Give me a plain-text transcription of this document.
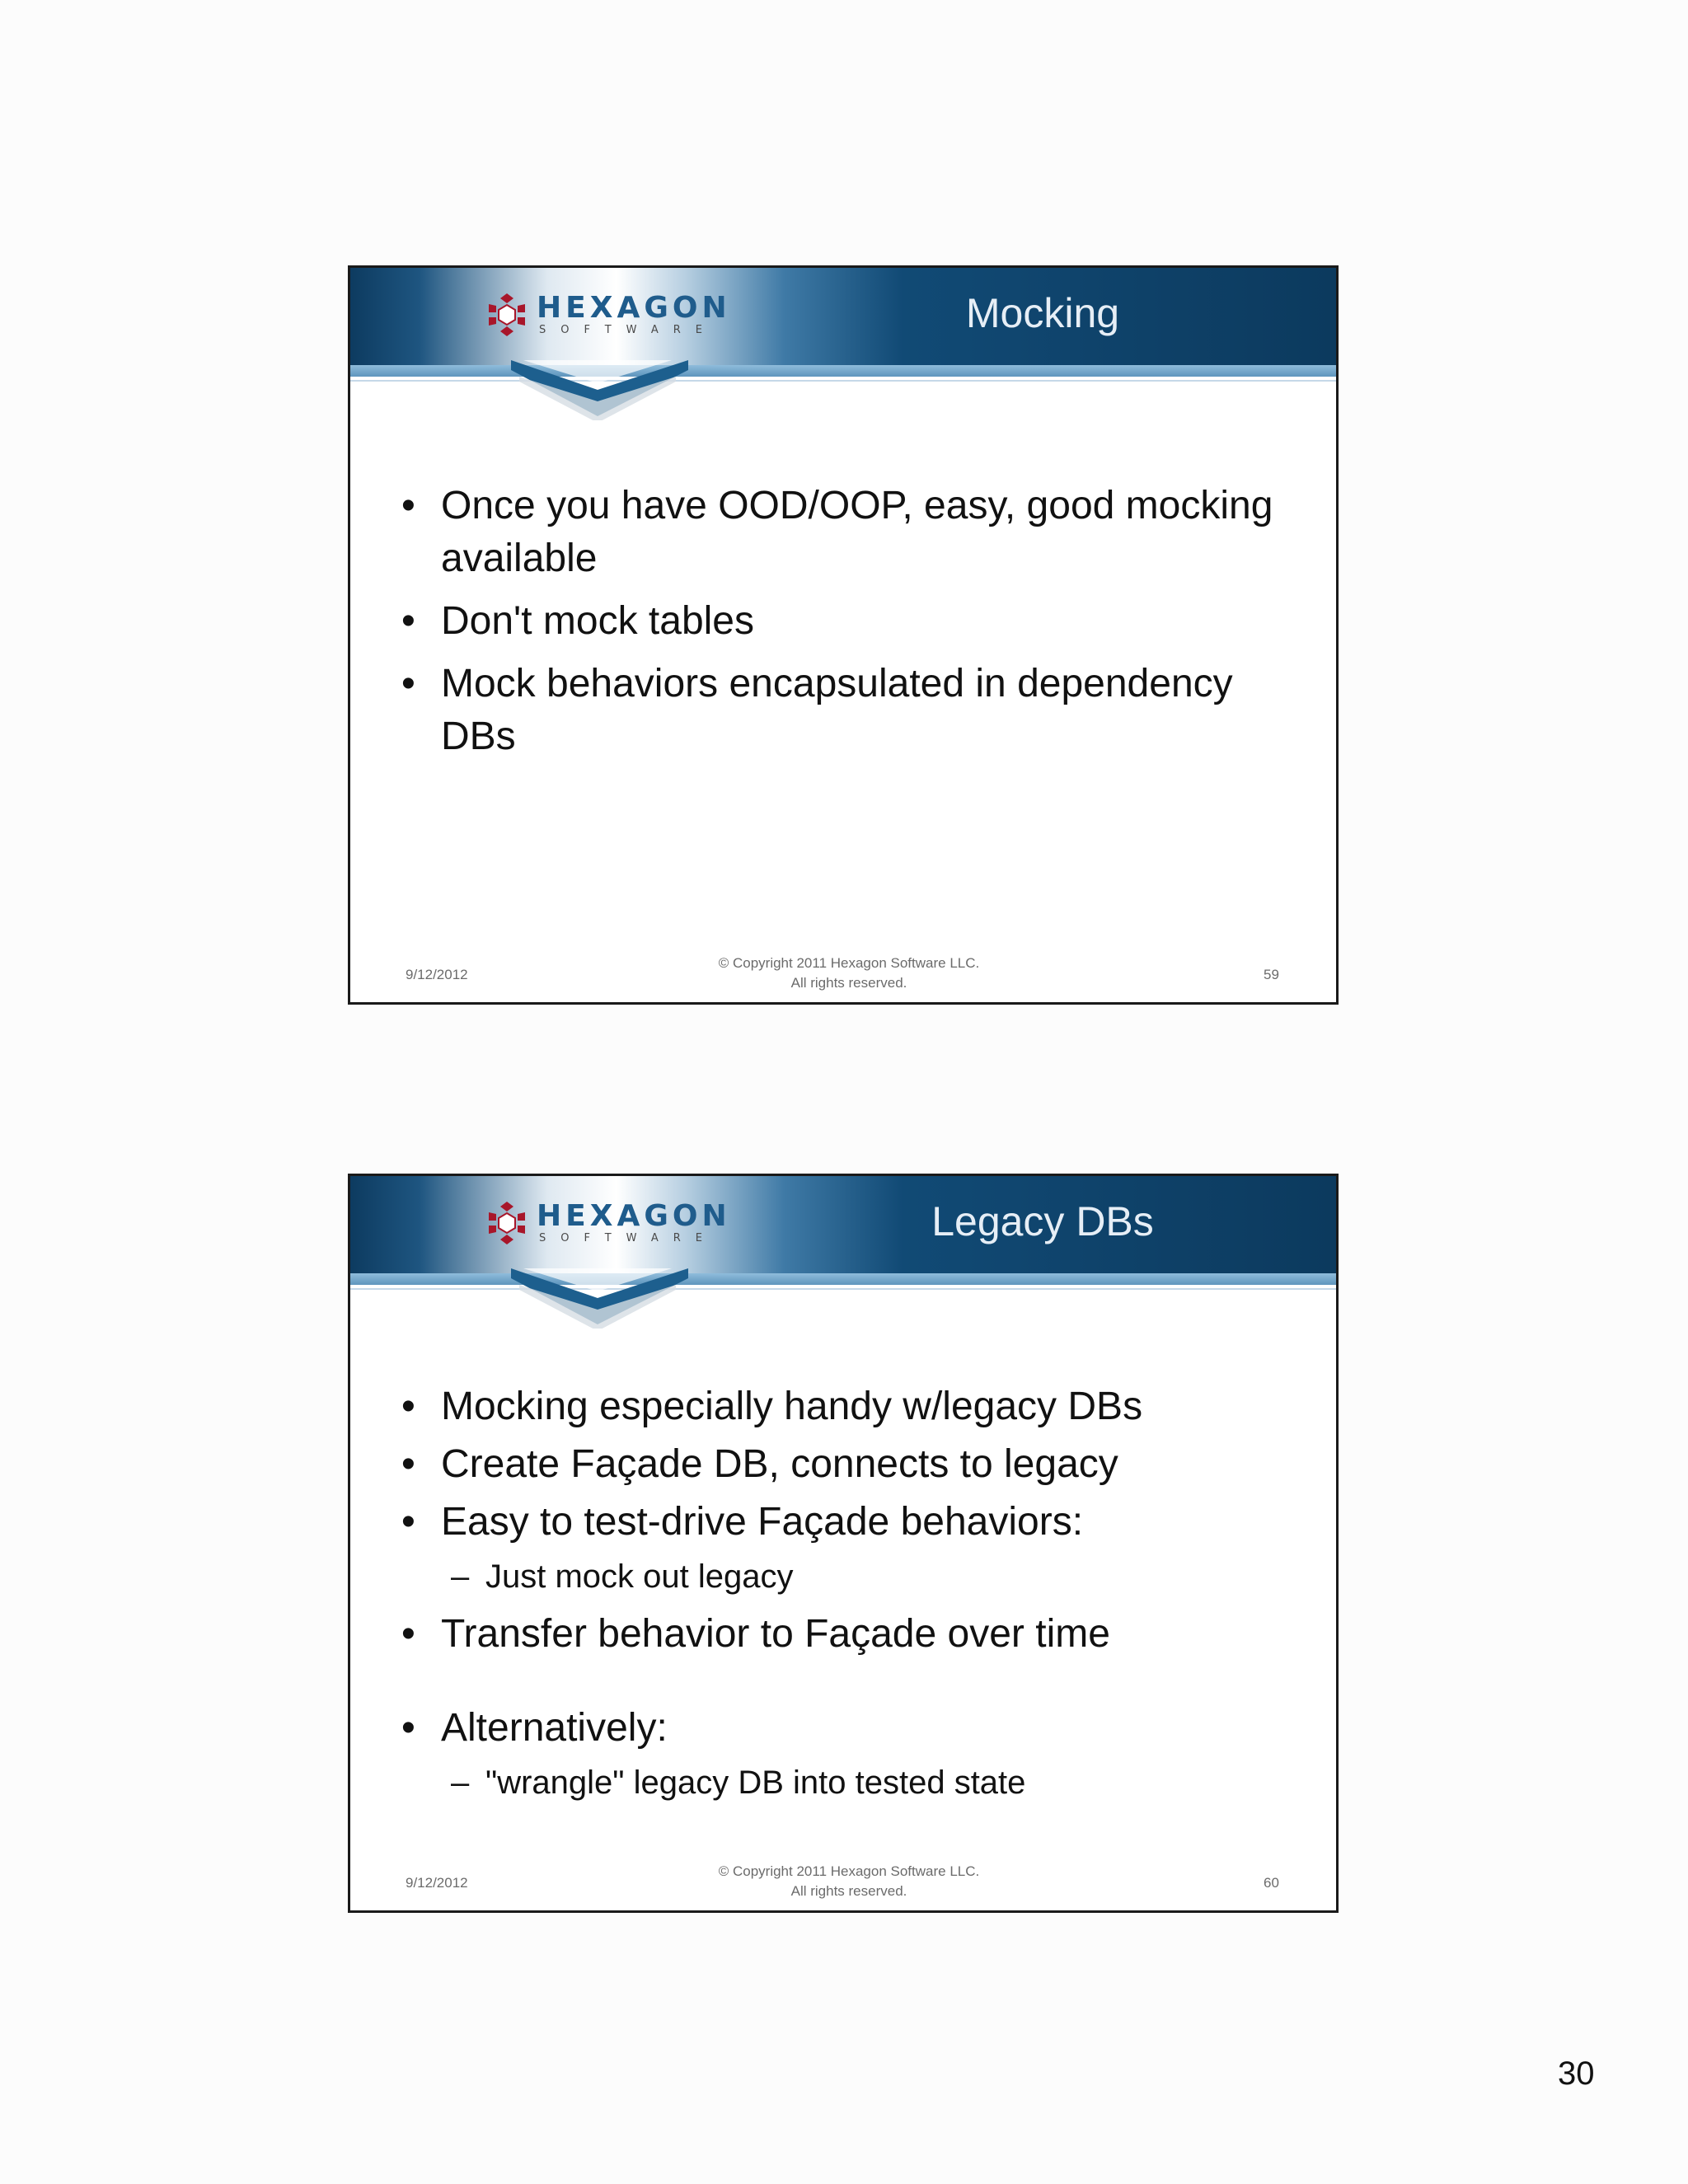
HEXAGON
SOFTWARE	Mocking
• Once you have OOD/OOP, easy, good mocking available
• Don't mock tables
• Mock behaviors encapsulated in dependency DBs
9/12/2012
© Copyright 2011 Hexagon Software LLC.
All rights reserved.
59
HEXAGON
SOFTWARE	Legacy DBs
• Mocking especially handy w/legacy DBs
• Create Façade DB, connects to legacy
• Easy to test-drive Façade behaviors:
– Just mock out legacy
• Transfer behavior to Façade over time
• Alternatively:
– "wrangle" legacy DB into tested state
9/12/2012
© Copyright 2011 Hexagon Software LLC.
All rights reserved.
60
30
